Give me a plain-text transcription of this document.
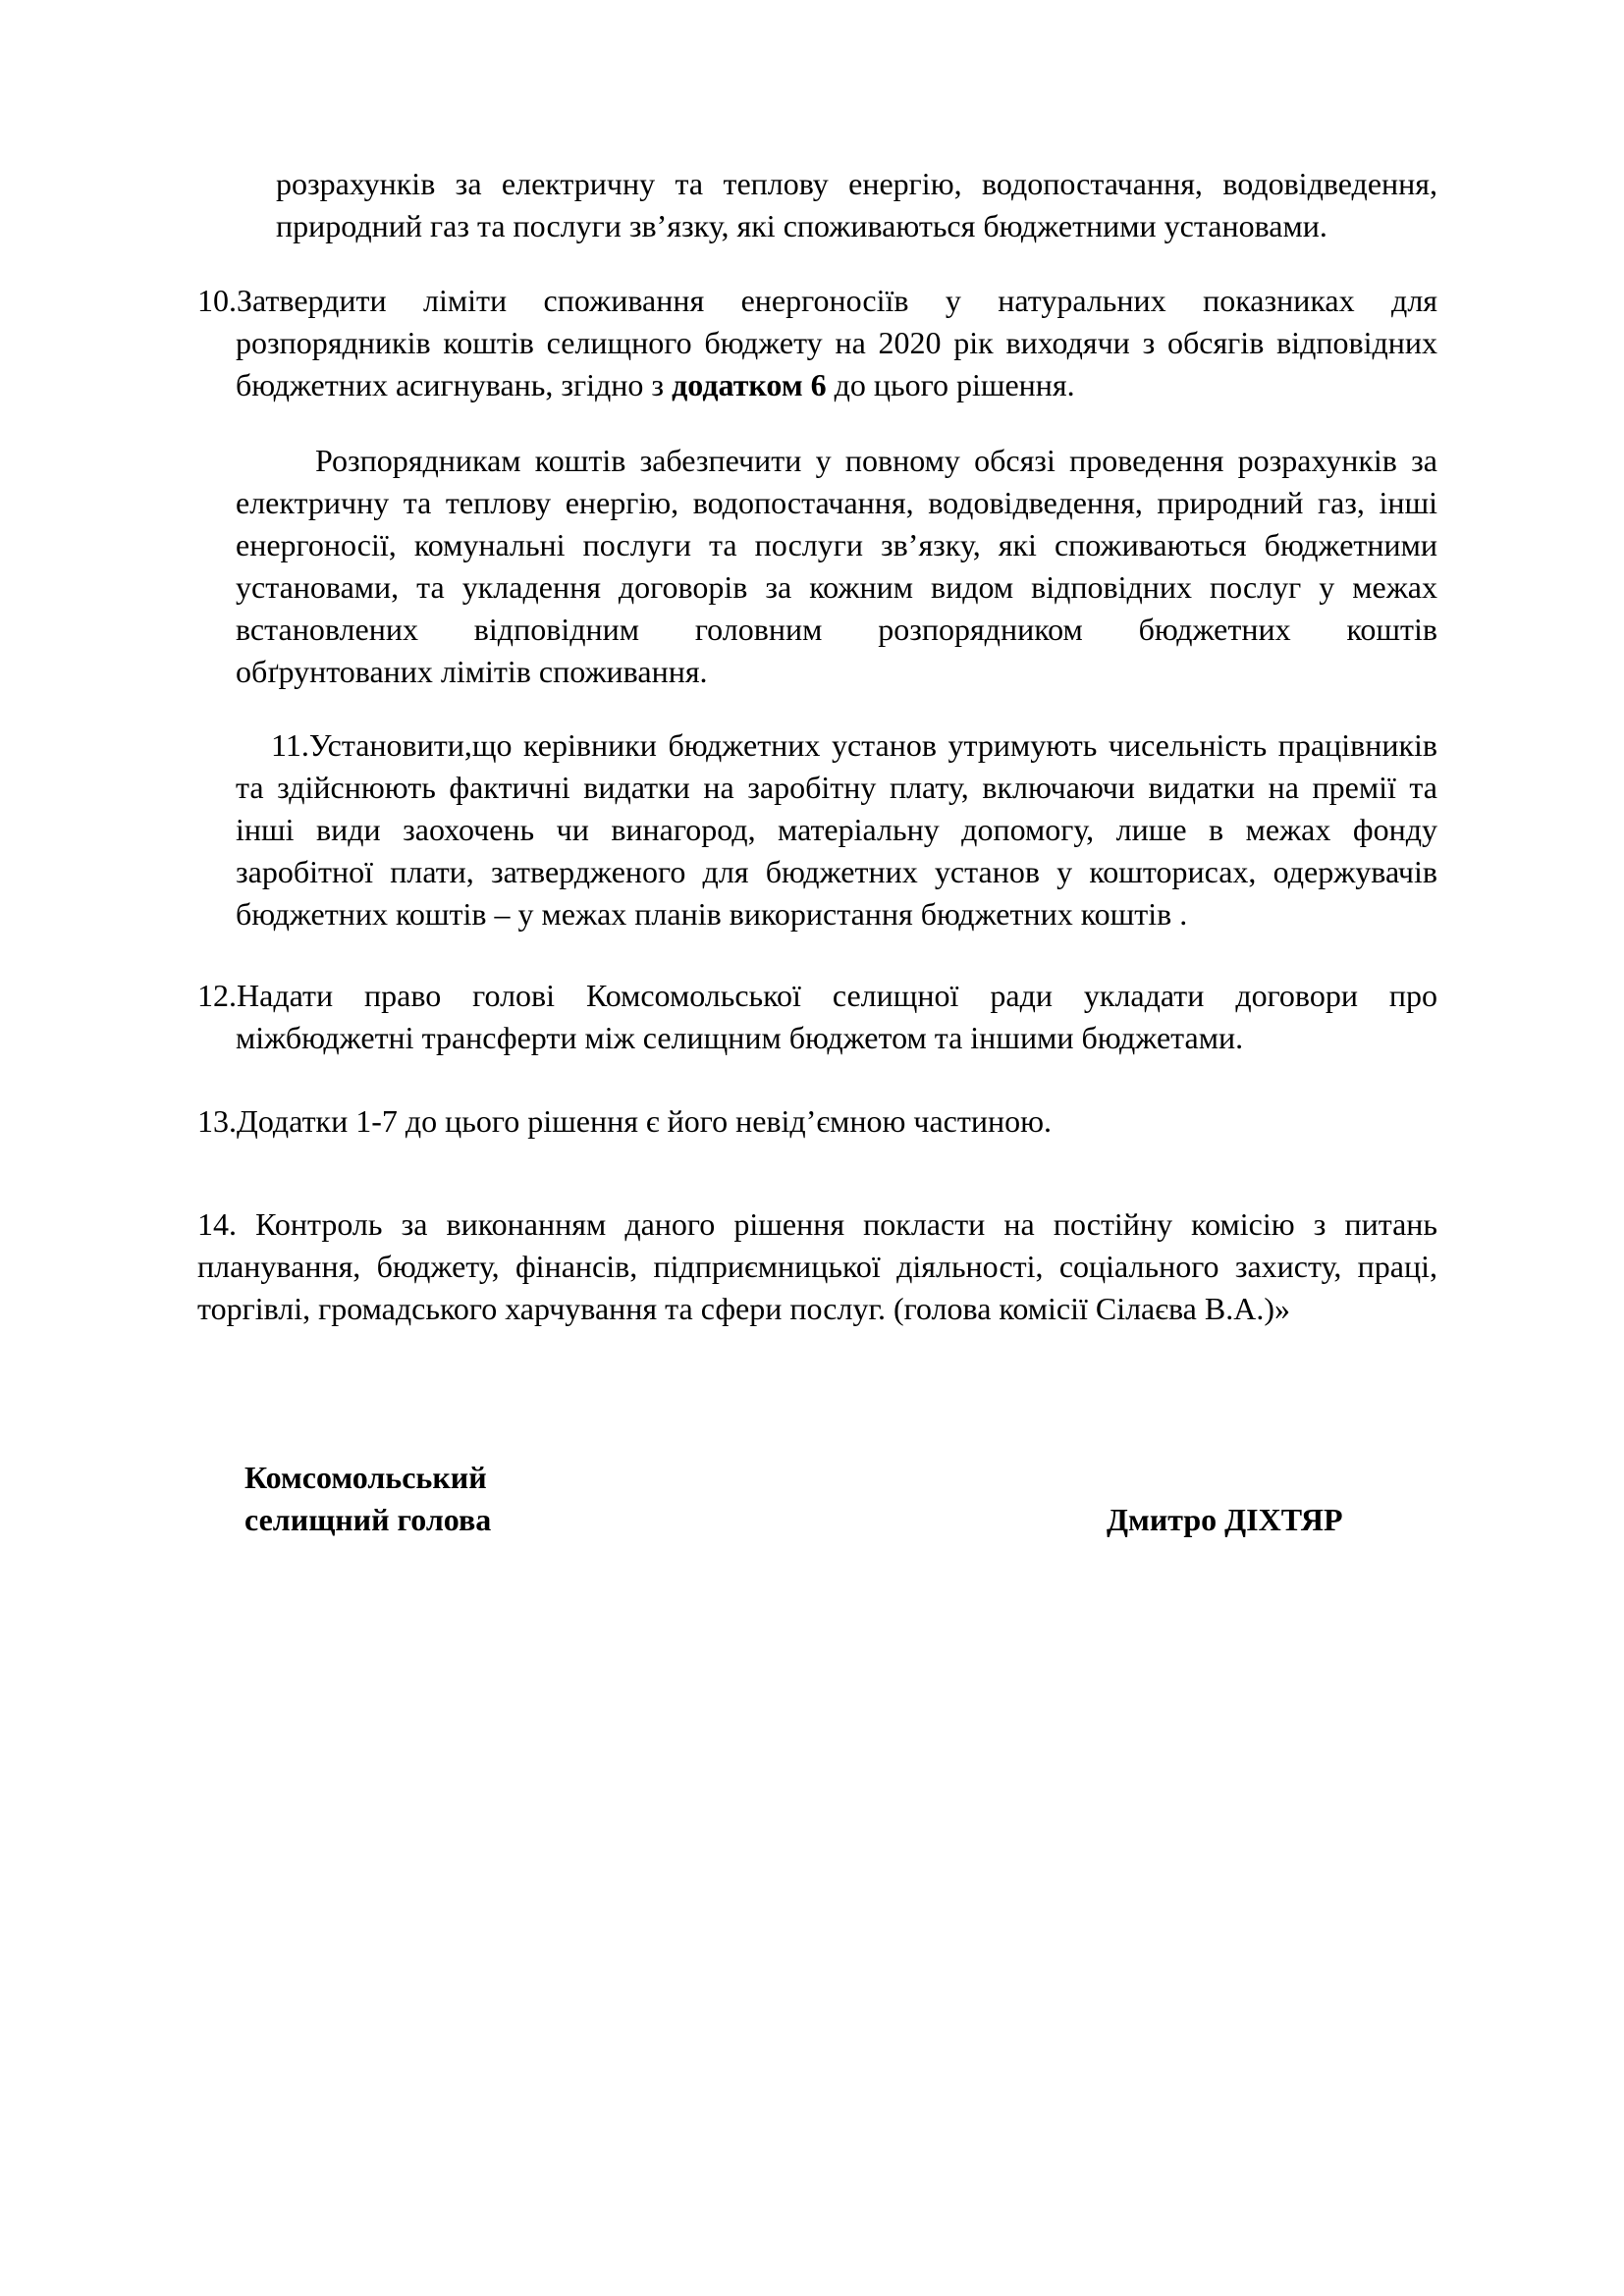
розрахунків за електричну та теплову енергію, водопостачання, водовідведення,
природний газ та послуги зв’язку, які споживаються бюджетними установами.
10.Затвердити ліміти споживання енергоносіїв у натуральних показниках для
розпорядників коштів селищного бюджету на 2020 рік виходячи з обсягів відповідних
бюджетних асигнувань, згідно з додатком 6 до цього рішення.
Розпорядникам коштів забезпечити у повному обсязі проведення розрахунків за
електричну та теплову енергію, водопостачання, водовідведення, природний газ, інші
енергоносії, комунальні послуги та послуги зв’язку, які споживаються бюджетними
установами, та укладення договорів за кожним видом відповідних послуг у межах
встановлених відповідним головним розпорядником бюджетних коштів
обґрунтованих лімітів споживання.
11.Установити,що керівники бюджетних установ утримують чисельність працівників
та здійснюють фактичні видатки на заробітну плату, включаючи видатки на премії та
інші види заохочень чи винагород, матеріальну допомогу, лише в межах фонду
заробітної плати, затвердженого для бюджетних установ у кошторисах, одержувачів
бюджетних коштів – у межах планів використання бюджетних коштів .
12.Надати право голові Комсомольської селищної ради укладати договори про
міжбюджетні трансферти між селищним бюджетом та іншими бюджетами.
13.Додатки 1-7 до цього рішення є його невід’ємною частиною.
14. Контроль за виконанням даного рішення покласти на постійну комісію з питань
планування, бюджету, фінансів, підприємницької діяльності, соціального захисту, праці,
торгівлі, громадського харчування та сфери послуг. (голова комісії Сілаєва В.А.)»
Комсомольський
селищний голова	Дмитро ДІХТЯР
